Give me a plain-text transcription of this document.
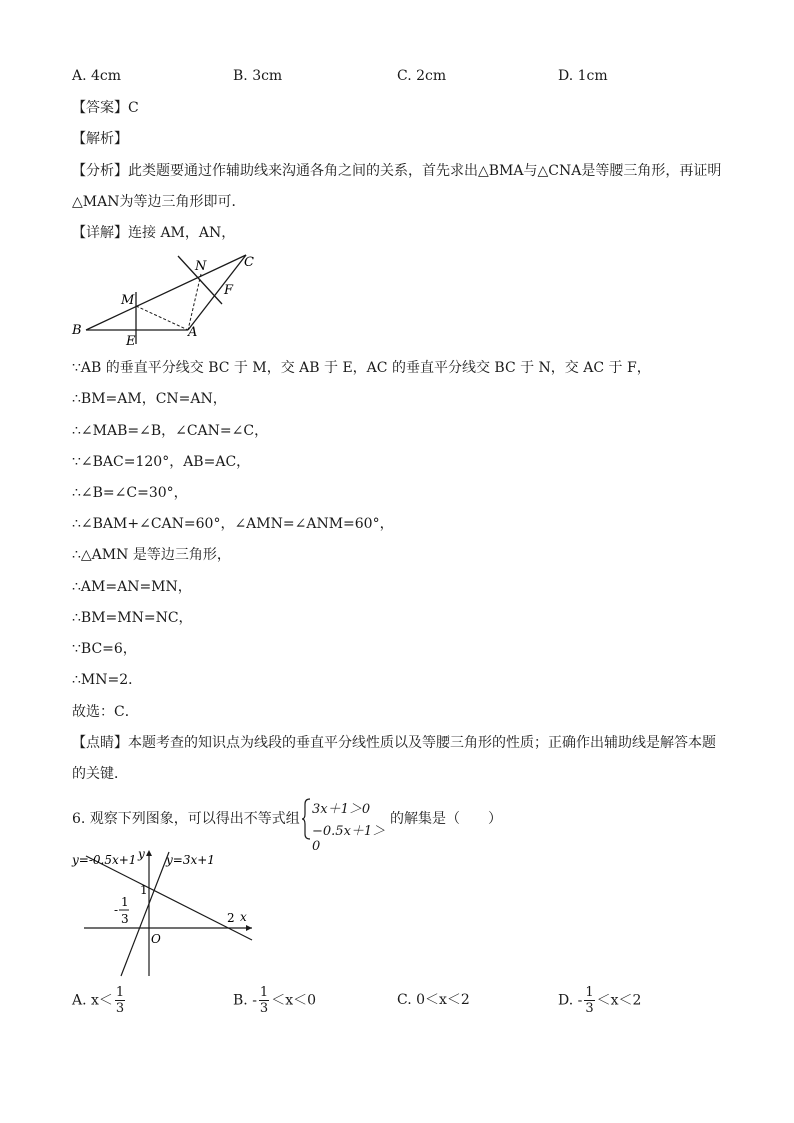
A. 4cm	B. 3cm	C. 2cm	D. 1cm
【答案】C
【解析】
【分析】此类题要通过作辅助线来沟通各角之间的关系，首先求出△BMA与△CNA是等腰三角形，再证明
△MAN为等边三角形即可．
【详解】连接 AM，AN，
B
E
M
A
N
F
C
∵AB 的垂直平分线交 BC 于 M，交 AB 于 E，AC 的垂直平分线交 BC 于 N，交 AC 于 F，
∴BM=AM，CN=AN，
∴∠MAB=∠B，∠CAN=∠C，
∵∠BAC=120°，AB=AC，
∴∠B=∠C=30°，
∴∠BAM+∠CAN=60°，∠AMN=∠ANM=60°，
∴△AMN 是等边三角形，
∴AM=AN=MN，
∴BM=MN=NC，
∵BC=6，
∴MN=2．
故选：C．
【点睛】本题考查的知识点为线段的垂直平分线性质以及等腰三角形的性质；正确作出辅助线是解答本题
的关键．
6. 观察下列图象，可以得出不等式组
3x＋1＞0
−0.5x＋1＞0
的解集是（　　）
y=-0.5x+1 y=3x+1
y
x
1
2
O
-
1
3
A. $x< \frac{1}{3}$	B. - $\frac{1}{3} <x<0$	C. 0＜x＜2	D. - $\frac{1}{3} <x<2$
